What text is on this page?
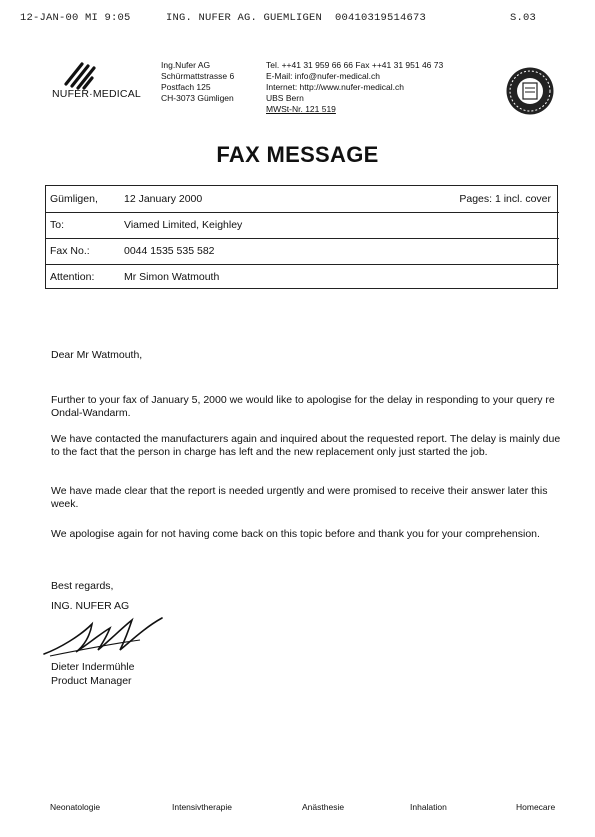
12-JAN-00 MI 9:05	ING. NUFER AG. GUEMLIGEN 00410319514673	S.03
NUFER·MEDICAL
Ing.Nufer AG
Schürmattstrasse 6
Postfach 125
CH-3073 Gümligen
Tel. ++41 31 959 66 66 Fax ++41 31 951 46 73
E-Mail: info@nufer-medical.ch
Internet: http://www.nufer-medical.ch
UBS Bern
MWSt-Nr. 121 519
FAX MESSAGE
Gümligen, 12 January 2000	Pages: 1 incl. cover
To:	Viamed Limited, Keighley
Fax No.:	0044 1535 535 582
Attention:	Mr Simon Watmouth
Dear Mr Watmouth,
Further to your fax of January 5, 2000 we would like to apologise for the delay in responding to your query re Ondal-Wandarm.
We have contacted the manufacturers again and inquired about the requested report. The delay is mainly due to the fact that the person in charge has left and the new replacement only just started the job.
We have made clear that the report is needed urgently and were promised to receive their answer later this week.
We apologise again for not having come back on this topic before and thank you for your comprehension.
Best regards,
ING. NUFER AG
Dieter Indermühle
Product Manager
Neonatologie	Intensivtherapie	Anästhesie	Inhalation	Homecare
